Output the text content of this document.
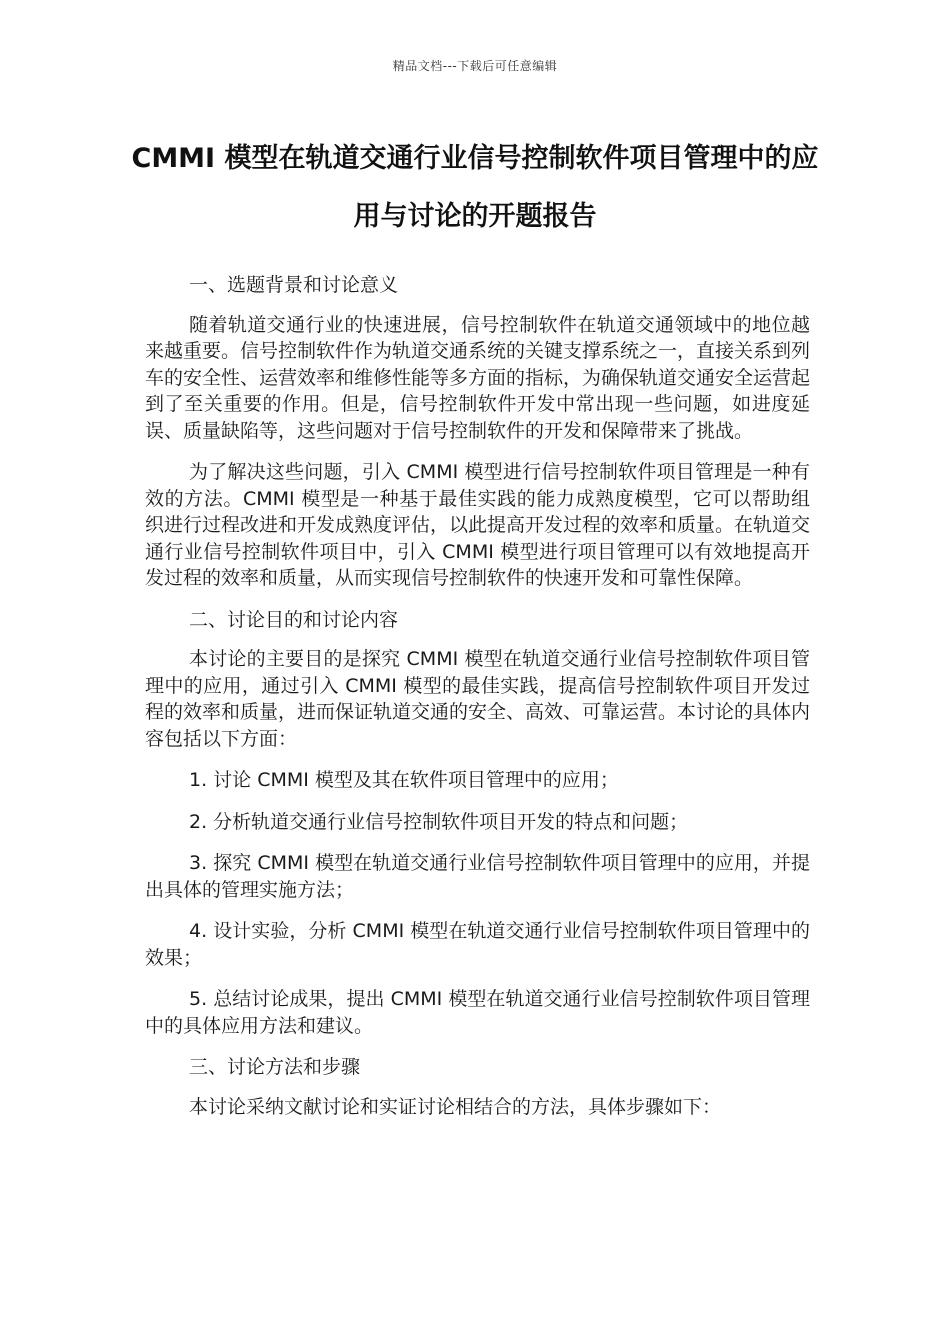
精品文档---下载后可任意编辑
CMMI 模型在轨道交通行业信号控制软件项目管理中的应用与讨论的开题报告

一、选题背景和讨论意义

随着轨道交通行业的快速进展，信号控制软件在轨道交通领域中的地位越来越重要。信号控制软件作为轨道交通系统的关键支撑系统之一，直接关系到列车的安全性、运营效率和维修性能等多方面的指标，为确保轨道交通安全运营起到了至关重要的作用。但是，信号控制软件开发中常出现一些问题，如进度延误、质量缺陷等，这些问题对于信号控制软件的开发和保障带来了挑战。

为了解决这些问题，引入 CMMI 模型进行信号控制软件项目管理是一种有效的方法。CMMI 模型是一种基于最佳实践的能力成熟度模型，它可以帮助组织进行过程改进和开发成熟度评估，以此提高开发过程的效率和质量。在轨道交通行业信号控制软件项目中，引入 CMMI 模型进行项目管理可以有效地提高开发过程的效率和质量，从而实现信号控制软件的快速开发和可靠性保障。

二、讨论目的和讨论内容

本讨论的主要目的是探究 CMMI 模型在轨道交通行业信号控制软件项目管理中的应用，通过引入 CMMI 模型的最佳实践，提高信号控制软件项目开发过程的效率和质量，进而保证轨道交通的安全、高效、可靠运营。本讨论的具体内容包括以下方面：

1. 讨论 CMMI 模型及其在软件项目管理中的应用；

2. 分析轨道交通行业信号控制软件项目开发的特点和问题；

3. 探究 CMMI 模型在轨道交通行业信号控制软件项目管理中的应用，并提出具体的管理实施方法；

4. 设计实验，分析 CMMI 模型在轨道交通行业信号控制软件项目管理中的效果；

5. 总结讨论成果，提出 CMMI 模型在轨道交通行业信号控制软件项目管理中的具体应用方法和建议。

三、讨论方法和步骤

本讨论采纳文献讨论和实证讨论相结合的方法，具体步骤如下：
